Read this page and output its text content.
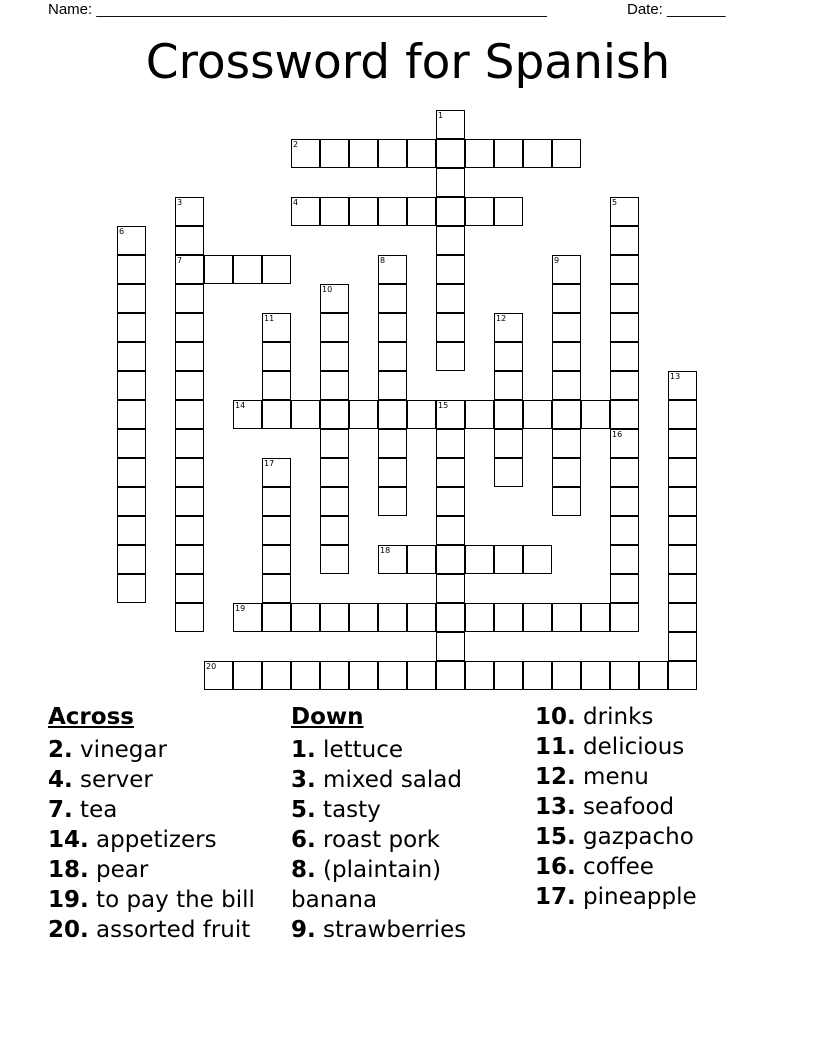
Name: ______________________________________________________	Date: _______
Crossword for Spanish
1
2
3
7
4	5
6
8	9
10
11	12
13
14	15
16
17
18
19
20
Across
2. vinegar
4. server
7. tea
14. appetizers
18. pear
19. to pay the bill
20. assorted fruit
Down
1. lettuce
3. mixed salad
5. tasty
6. roast pork
8. (plaintain) banana
9. strawberries
10. drinks
11. delicious
12. menu
13. seafood
15. gazpacho
16. coffee
17. pineapple
